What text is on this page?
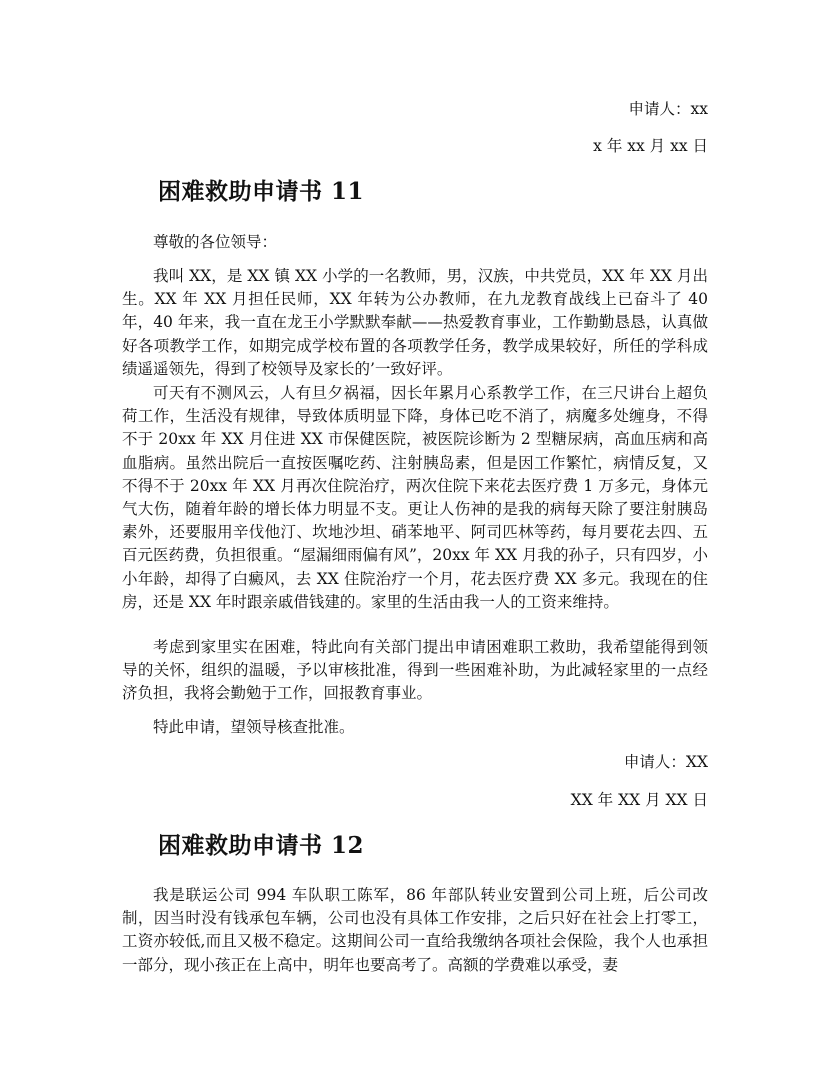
申请人：xx
x 年 xx 月 xx 日
困难救助申请书 11
尊敬的各位领导：

我叫 XX，是 XX 镇 XX 小学的一名教师，男，汉族，中共党员，XX 年 XX 月出生。XX 年 XX 月担任民师，XX 年转为公办教师，在九龙教育战线上已奋斗了 40 年，40 年来，我一直在龙王小学默默奉献——热爱教育事业，工作勤勤恳恳，认真做好各项教学工作，如期完成学校布置的各项教学任务，教学成果较好，所任的学科成绩遥遥领先，得到了校领导及家长的’一致好评。

可天有不测风云，人有旦夕祸福，因长年累月心系教学工作，在三尺讲台上超负荷工作，生活没有规律，导致体质明显下降，身体已吃不消了，病魔多处缠身，不得不于 20xx 年 XX 月住进 XX 市保健医院，被医院诊断为 2 型糖尿病，高血压病和高血脂病。虽然出院后一直按医嘱吃药、注射胰岛素，但是因工作繁忙，病情反复，又不得不于 20xx 年 XX 月再次住院治疗，两次住院下来花去医疗费 1 万多元，身体元气大伤，随着年龄的增长体力明显不支。更让人伤神的是我的病每天除了要注射胰岛素外，还要服用辛伐他汀、坎地沙坦、硝苯地平、阿司匹林等药，每月要花去四、五百元医药费，负担很重。“屋漏细雨偏有风”，20xx 年 XX 月我的孙子，只有四岁，小小年龄，却得了白癜风，去 XX 住院治疗一个月，花去医疗费 XX 多元。我现在的住房，还是 XX 年时跟亲戚借钱建的。家里的生活由我一人的工资来维持。

考虑到家里实在困难，特此向有关部门提出申请困难职工救助，我希望能得到领导的关怀，组织的温暖，予以审核批准，得到一些困难补助，为此减轻家里的一点经济负担，我将会勤勉于工作，回报教育事业。

特此申请，望领导核查批准。

申请人：XX
XX 年 XX 月 XX 日
困难救助申请书 12

我是联运公司 994 车队职工陈军，86 年部队转业安置到公司上班，后公司改制，因当时没有钱承包车辆，公司也没有具体工作安排，之后只好在社会上打零工，工资亦较低,而且又极不稳定。这期间公司一直给我缴纳各项社会保险，我个人也承担一部分，现小孩正在上高中，明年也要高考了。高额的学费难以承受，妻
